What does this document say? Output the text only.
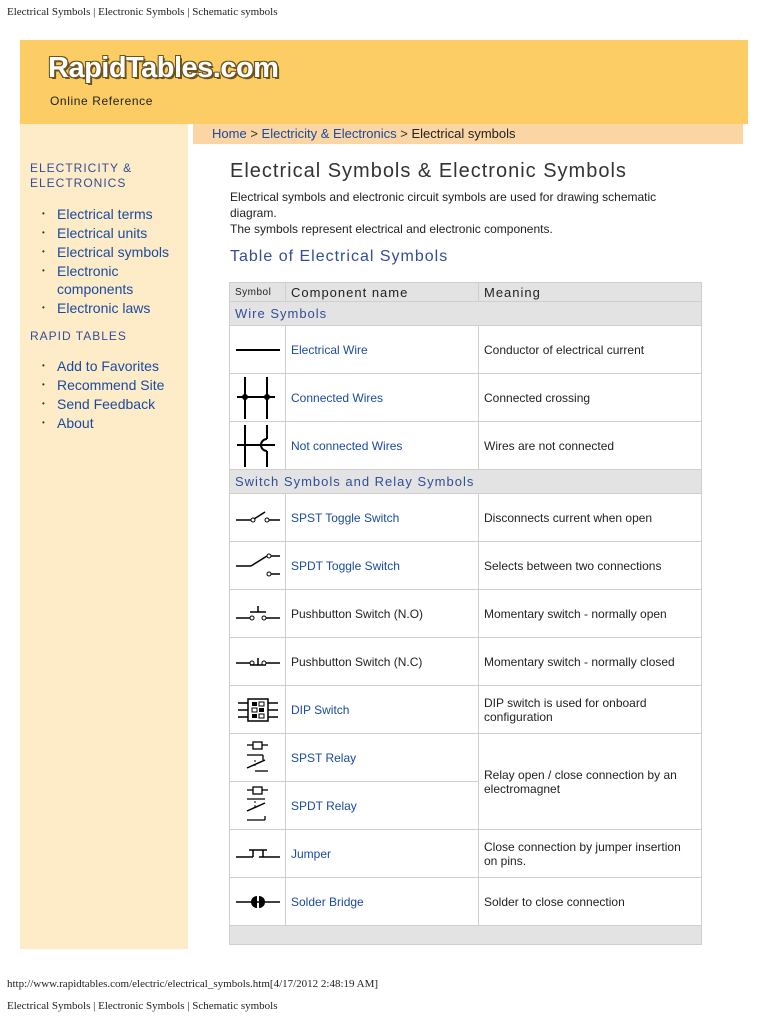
Electrical Symbols | Electronic Symbols | Schematic symbols
RapidTables.com
Online Reference
ELECTRICITY & ELECTRONICS
• Electrical terms
• Electrical units
• Electrical symbols
• Electronic components
• Electronic laws
RAPID TABLES
• Add to Favorites
• Recommend Site
• Send Feedback
• About
Home > Electricity & Electronics > Electrical symbols
Electrical Symbols & Electronic Symbols
Electrical symbols and electronic circuit symbols are used for drawing schematic diagram.
The symbols represent electrical and electronic components.
Table of Electrical Symbols
Symbol	Component name	Meaning
Wire Symbols		

	Electrical Wire	Conductor of electrical current

	Connected Wires	Connected crossing

	Not connected Wires	Wires are not connected
Switch Symbols and Relay Symbols		

	SPST Toggle Switch	Disconnects current when open

	SPDT Toggle Switch	Selects between two connections

	Pushbutton Switch (N.O)	Momentary switch - normally open

	Pushbutton Switch (N.C)	Momentary switch - normally closed

	DIP Switch	DIP switch is used for onboard configuration

	SPST Relay	Relay open / close connection by an electromagnet

	SPDT Relay	

	Jumper	Close connection by jumper insertion on pins.

	Solder Bridge	Solder to close connection

http://www.rapidtables.com/electric/electrical_symbols.htm[4/17/2012 2:48:19 AM]
Electrical Symbols | Electronic Symbols | Schematic symbols
